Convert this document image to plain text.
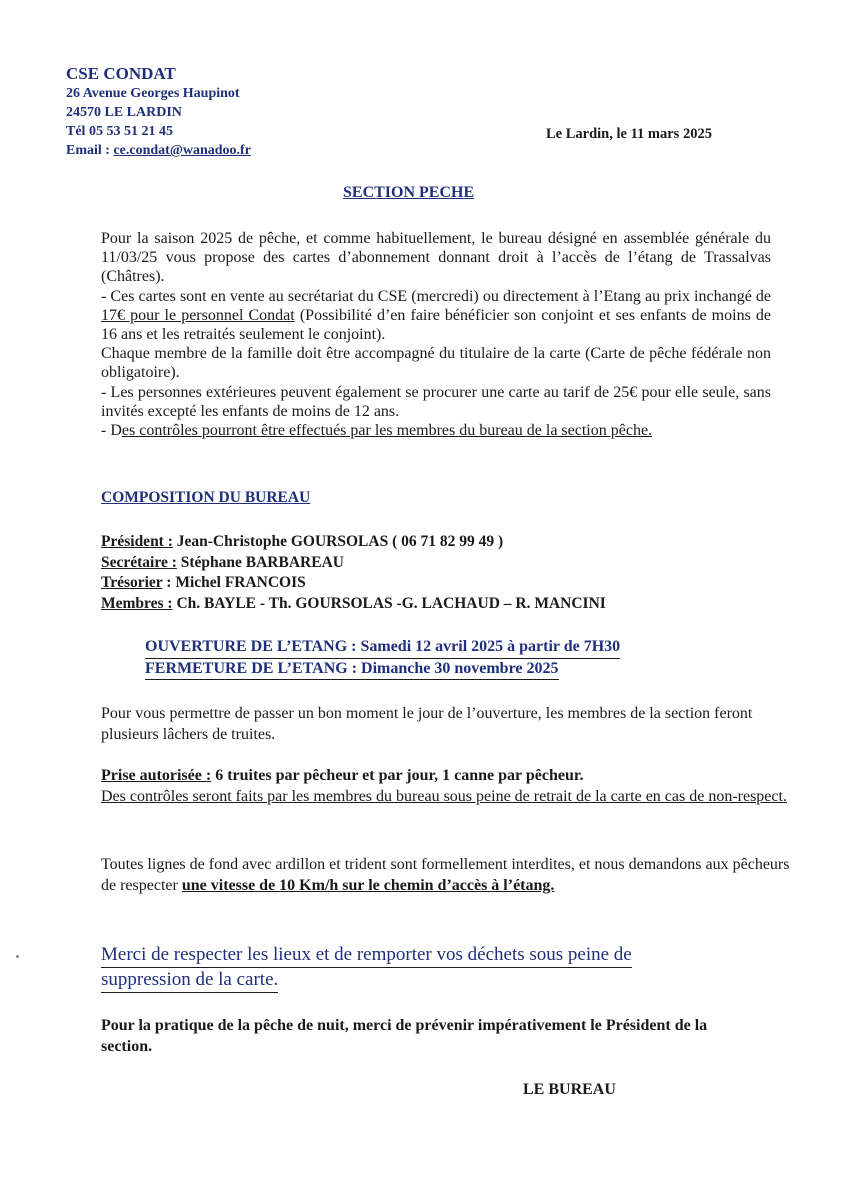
CSE CONDAT
26 Avenue Georges Haupinot
24570 LE LARDIN
Tél 05 53 51 21 45
Email : ce.condat@wanadoo.fr
Le Lardin, le 11 mars 2025
SECTION PECHE

Pour la saison 2025 de pêche, et comme habituellement, le bureau désigné en assemblée générale du 11/03/25 vous propose des cartes d’abonnement donnant droit à l’accès de l’étang de Trassalvas (Châtres).

- Ces cartes sont en vente au secrétariat du CSE (mercredi) ou directement à l’Etang au prix inchangé de 17€ pour le personnel Condat (Possibilité d’en faire bénéficier son conjoint et ses enfants de moins de 16 ans et les retraités seulement le conjoint).

Chaque membre de la famille doit être accompagné du titulaire de la carte (Carte de pêche fédérale non obligatoire).

- Les personnes extérieures peuvent également se procurer une carte au tarif de 25€ pour elle seule, sans invités excepté les enfants de moins de 12 ans.

- Des contrôles pourront être effectués par les membres du bureau de la section pêche.

COMPOSITION DU BUREAU
Président : Jean-Christophe GOURSOLAS ( 06 71 82 99 49 )
Secrétaire : Stéphane BARBAREAU
Trésorier : Michel FRANCOIS
Membres : Ch. BAYLE - Th. GOURSOLAS -G. LACHAUD – R. MANCINI
OUVERTURE DE L’ETANG : Samedi 12 avril 2025 à partir de 7H30
FERMETURE DE L’ETANG : Dimanche 30 novembre 2025
Pour vous permettre de passer un bon moment le jour de l’ouverture, les membres de la section feront plusieurs lâchers de truites.
Prise autorisée : 6 truites par pêcheur et par jour, 1 canne par pêcheur.
Des contrôles seront faits par les membres du bureau sous peine de retrait de la carte en cas de non-respect.
Toutes lignes de fond avec ardillon et trident sont formellement interdites, et nous demandons aux pêcheurs de respecter une vitesse de 10 Km/h sur le chemin d’accès à l’étang.
Merci de respecter les lieux et de remporter vos déchets sous peine de
suppression de la carte.
Pour la pratique de la pêche de nuit, merci de prévenir impérativement le Président de la section.
LE BUREAU
